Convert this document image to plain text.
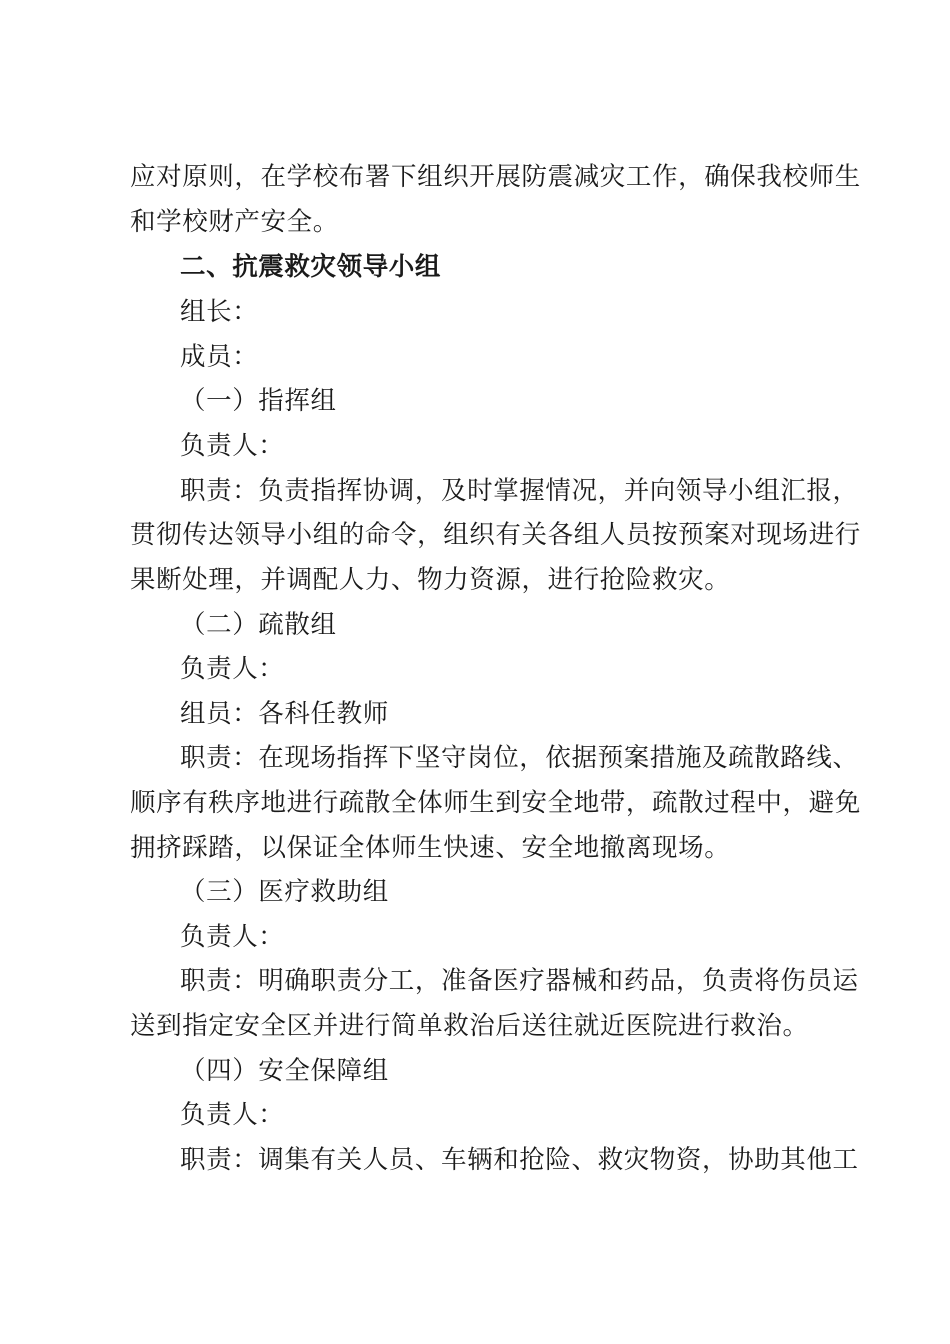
应对原则，在学校布署下组织开展防震减灾工作，确保我校师生
和学校财产安全。
二、抗震救灾领导小组
组长：
成员：
（一）指挥组
负责人：
职责：负责指挥协调，及时掌握情况，并向领导小组汇报，
贯彻传达领导小组的命令，组织有关各组人员按预案对现场进行
果断处理，并调配人力、物力资源，进行抢险救灾。
（二）疏散组
负责人：
组员：各科任教师
职责：在现场指挥下坚守岗位，依据预案措施及疏散路线、
顺序有秩序地进行疏散全体师生到安全地带，疏散过程中，避免
拥挤踩踏，以保证全体师生快速、安全地撤离现场。
（三）医疗救助组
负责人：
职责：明确职责分工，准备医疗器械和药品，负责将伤员运
送到指定安全区并进行简单救治后送往就近医院进行救治。
（四）安全保障组
负责人：
职责：调集有关人员、车辆和抢险、救灾物资，协助其他工
